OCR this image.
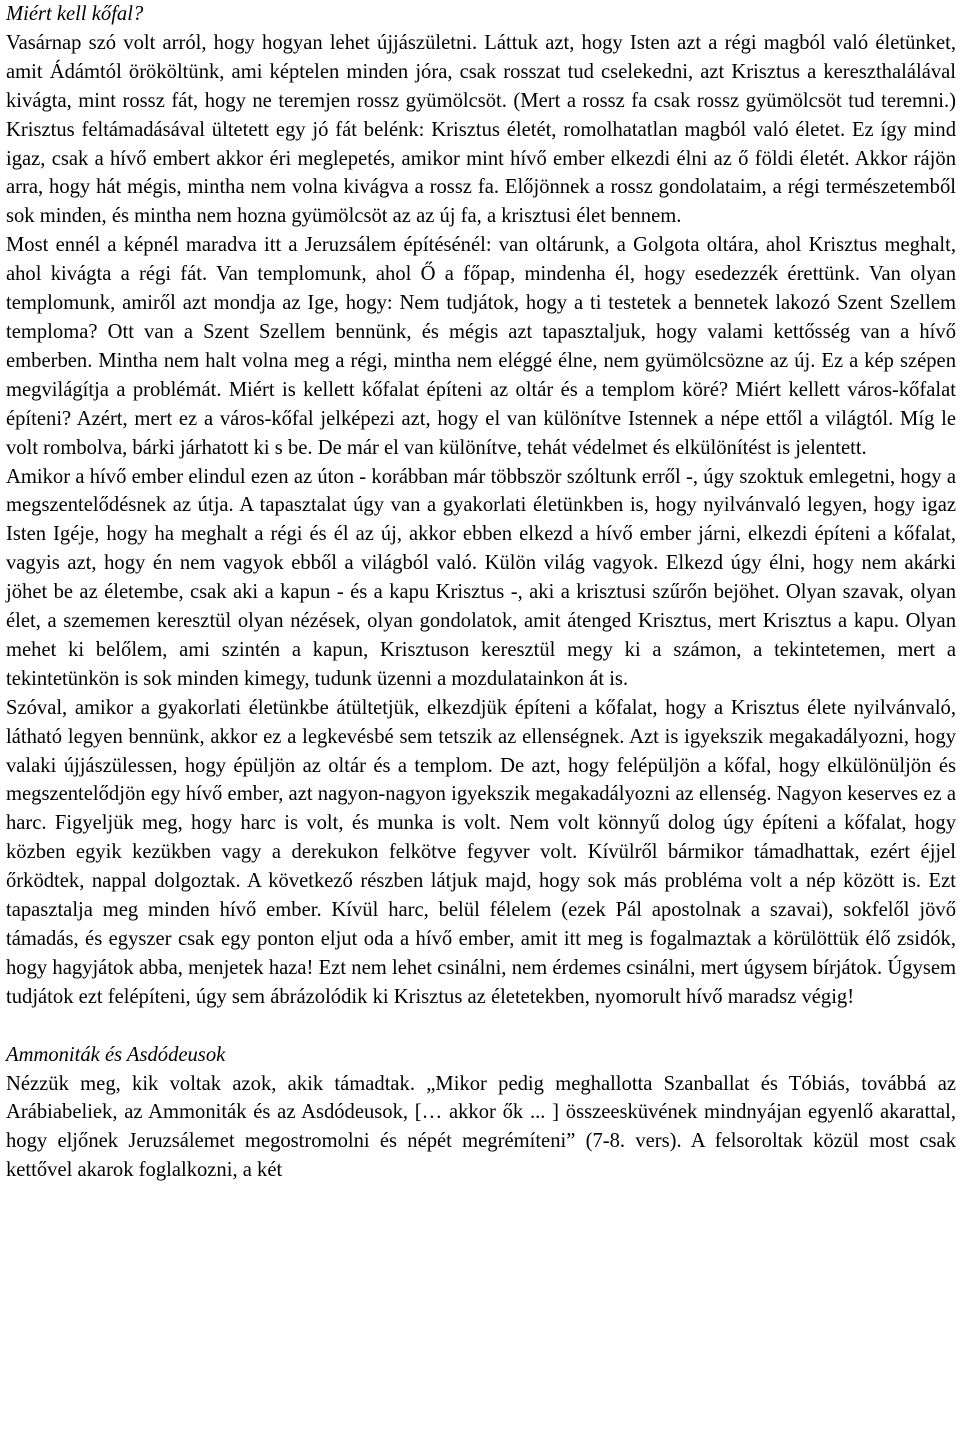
Miért kell kőfal?

Vasárnap szó volt arról, hogy hogyan lehet újjászületni. Láttuk azt, hogy Isten azt a régi magból való életünket, amit Ádámtól örököltünk, ami képtelen minden jóra, csak rosszat tud cselekedni, azt Krisztus a kereszthalálával kivágta, mint rossz fát, hogy ne teremjen rossz gyümölcsöt. (Mert a rossz fa csak rossz gyümölcsöt tud teremni.) Krisztus feltámadásával ültetett egy jó fát belénk: Krisztus életét, romolhatatlan magból való életet. Ez így mind igaz, csak a hívő embert akkor éri meglepetés, amikor mint hívő ember elkezdi élni az ő földi életét. Akkor rájön arra, hogy hát mégis, mintha nem volna kivágva a rossz fa. Előjönnek a rossz gondolataim, a régi természetemből sok minden, és mintha nem hozna gyümölcsöt az az új fa, a krisztusi élet bennem.

Most ennél a képnél maradva itt a Jeruzsálem építésénél: van oltárunk, a Golgota oltára, ahol Krisztus meghalt, ahol kivágta a régi fát. Van templomunk, ahol Ő a főpap, mindenha él, hogy esedezzék érettünk. Van olyan templomunk, amiről azt mondja az Ige, hogy: Nem tudjátok, hogy a ti testetek a bennetek lakozó Szent Szellem temploma? Ott van a Szent Szellem bennünk, és mégis azt tapasztaljuk, hogy valami kettősség van a hívő emberben. Mintha nem halt volna meg a régi, mintha nem eléggé élne, nem gyümölcsözne az új. Ez a kép szépen megvilágítja a problémát. Miért is kellett kőfalat építeni az oltár és a templom köré? Miért kellett város-kőfalat építeni? Azért, mert ez a város-kőfal jelképezi azt, hogy el van különítve Istennek a népe ettől a világtól. Míg le volt rombolva, bárki járhatott ki s be. De már el van különítve, tehát védelmet és elkülönítést is jelentett.

Amikor a hívő ember elindul ezen az úton - korábban már többször szóltunk erről -, úgy szoktuk emlegetni, hogy a megszentelődésnek az útja. A tapasztalat úgy van a gyakorlati életünkben is, hogy nyilvánvaló legyen, hogy igaz Isten Igéje, hogy ha meghalt a régi és él az új, akkor ebben elkezd a hívő ember járni, elkezdi építeni a kőfalat, vagyis azt, hogy én nem vagyok ebből a világból való. Külön világ vagyok. Elkezd úgy élni, hogy nem akárki jöhet be az életembe, csak aki a kapun - és a kapu Krisztus -, aki a krisztusi szűrőn bejöhet. Olyan szavak, olyan élet, a szememen keresztül olyan nézések, olyan gondolatok, amit átenged Krisztus, mert Krisztus a kapu. Olyan mehet ki belőlem, ami szintén a kapun, Krisztuson keresztül megy ki a számon, a tekintetemen, mert a tekintetünkön is sok minden kimegy, tudunk üzenni a mozdulatainkon át is.

Szóval, amikor a gyakorlati életünkbe átültetjük, elkezdjük építeni a kőfalat, hogy a Krisztus élete nyilvánvaló, látható legyen bennünk, akkor ez a legkevésbé sem tetszik az ellenségnek. Azt is igyekszik megakadályozni, hogy valaki újjászülessen, hogy épüljön az oltár és a templom. De azt, hogy felépüljön a kőfal, hogy elkülönüljön és megszentelődjön egy hívő ember, azt nagyon-nagyon igyekszik megakadályozni az ellenség. Nagyon keserves ez a harc. Figyeljük meg, hogy harc is volt, és munka is volt. Nem volt könnyű dolog úgy építeni a kőfalat, hogy közben egyik kezükben vagy a derekukon felkötve fegyver volt. Kívülről bármikor támadhattak, ezért éjjel őrködtek, nappal dolgoztak. A következő részben látjuk majd, hogy sok más probléma volt a nép között is. Ezt tapasztalja meg minden hívő ember. Kívül harc, belül félelem (ezek Pál apostolnak a szavai), sokfelől jövő támadás, és egyszer csak egy ponton eljut oda a hívő ember, amit itt meg is fogalmaztak a körülöttük élő zsidók, hogy hagyjátok abba, menjetek haza! Ezt nem lehet csinálni, nem érdemes csinálni, mert úgysem bírjátok. Úgysem tudjátok ezt felépíteni, úgy sem ábrázolódik ki Krisztus az életetekben, nyomorult hívő maradsz végig!

Ammoniták és Asdódeusok

Nézzük meg, kik voltak azok, akik támadtak. „Mikor pedig meghallotta Szanballat és Tóbiás, továbbá az Arábiabeliek, az Ammoniták és az Asdódeusok, [… akkor ők ... ] összeesküvének mindnyájan egyenlő akarattal, hogy eljőnek Jeruzsálemet megostromolni és népét megrémíteni” (7-8. vers). A felsoroltak közül most csak kettővel akarok foglalkozni, a két
